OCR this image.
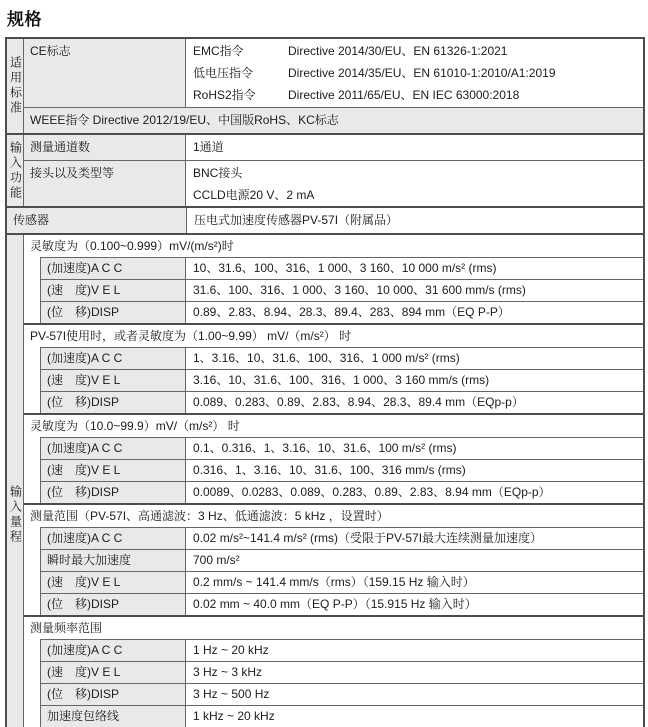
规格
适用标准
CE标志	EMC指令	Directive 2014/30/EU、EN 61326-1:2021
低电压指令	Directive 2014/35/EU、EN 61010-1:2010/A1:2019
RoHS2指令	Directive 2011/65/EU、EN IEC 63000:2018
WEEE指令 Directive 2012/19/EU、中国版RoHS、KC标志
输入功能 测量通道数	1通道
接头以及类型等	BNC接头
CCLD电源20 V、2 mA
传感器	压电式加速度传感器PV-57I（附属品）
输入量程
灵敏度为（0.100~0.999）mV/(m/s²)时
(加速度)A C C	10、31.6、100、316、1 000、3 160、10 000 m/s² (rms)
(速　度)V E L	31.6、100、316、1 000、3 160、10 000、31 600 mm/s (rms)
(位　移)DISP	0.89、2.83、8.94、28.3、89.4、283、894 mm（EQ P-P）
PV-57I使用时，或者灵敏度为（1.00~9.99） mV/（m/s²） 时
(加速度)A C C	1、3.16、10、31.6、100、316、1 000 m/s² (rms)
(速　度)V E L	3.16、10、31.6、100、316、1 000、3 160 mm/s (rms)
(位　移)DISP	0.089、0.283、0.89、2.83、8.94、28.3、89.4 mm（EQp-p）
灵敏度为（10.0~99.9）mV/（m/s²） 时
(加速度)A C C	0.1、0.316、1、3.16、10、31.6、100 m/s² (rms)
(速　度)V E L	0.316、1、3.16、10、31.6、100、316 mm/s (rms)
(位　移)DISP	0.0089、0.0283、0.089、0.283、0.89、2.83、8.94 mm（EQp-p）
测量范围（PV-57I、高通滤波：3 Hz、低通滤波：5 kHz ，设置时）
(加速度)A C C	0.02 m/s²~141.4 m/s² (rms)（受限于PV-57I最大连续测量加速度）
瞬时最大加速度	700 m/s²
(速　度)V E L	0.2 mm/s ~ 141.4 mm/s（rms）（159.15 Hz 输入时）
(位　移)DISP	0.02 mm ~ 40.0 mm（EQ P-P）（15.915 Hz 输入时）
测量频率范围
(加速度)A C C	1 Hz ~ 20 kHz
(速　度)V E L	3 Hz ~ 3 kHz
(位　移)DISP	3 Hz ~ 500 Hz
加速度包络线	1 kHz ~ 20 kHz
